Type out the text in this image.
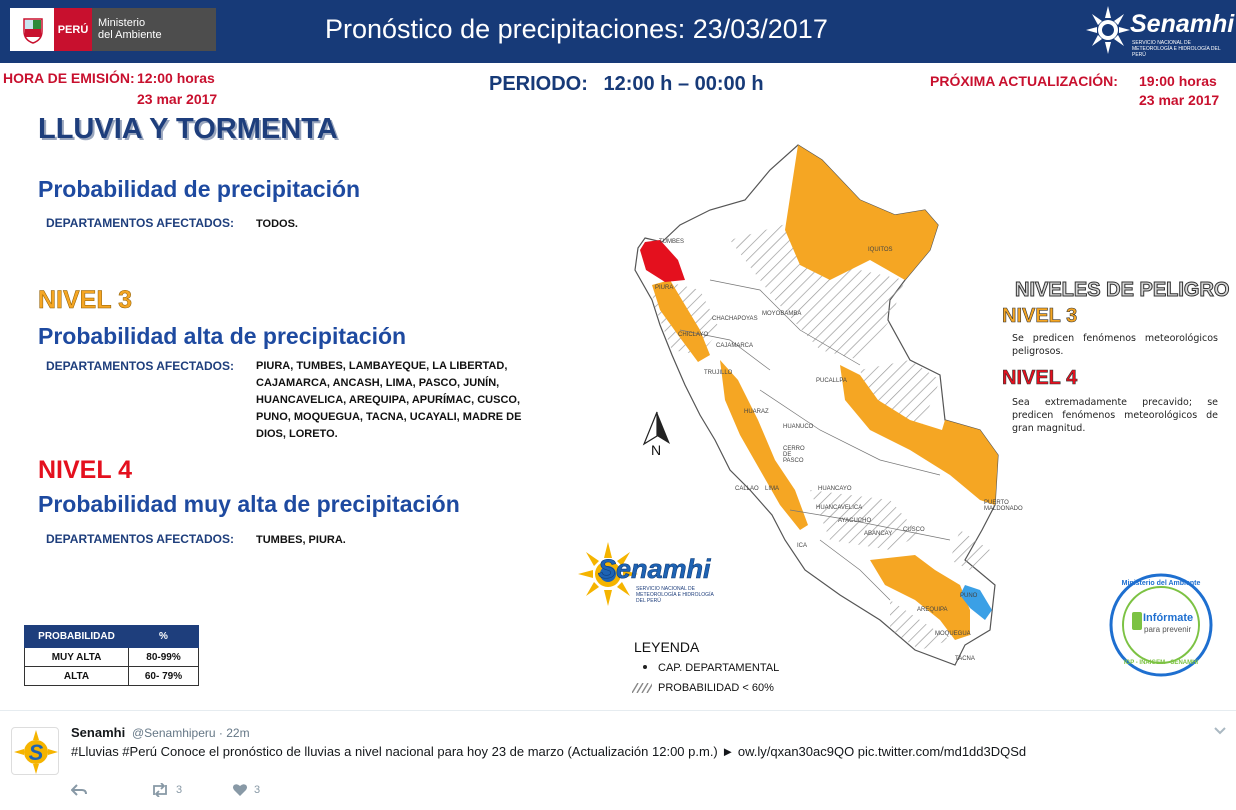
PERÚ
Ministerio
del Ambiente	Pronóstico de precipitaciones: 23/03/2017	Senamhi
SERVICIO NACIONAL DE METEOROLOGÍA E HIDROLOGÍA DEL PERÚ
HORA DE EMISIÓN: 12:00 horas
23 mar 2017
PERIODO: 12:00 h – 00:00 h	PRÓXIMA ACTUALIZACIÓN: 19:00 horas
23 mar 2017
LLUVIA Y TORMENTA
Probabilidad de precipitación
DEPARTAMENTOS AFECTADOS: TODOS.
NIVEL 3
Probabilidad alta de precipitación
DEPARTAMENTOS AFECTADOS: PIURA, TUMBES, LAMBAYEQUE, LA LIBERTAD,
CAJAMARCA, ANCASH, LIMA, PASCO, JUNÍN,
HUANCAVELICA, AREQUIPA, APURÍMAC, CUSCO,
PUNO, MOQUEGUA, TACNA, UCAYALI, MADRE DE
DIOS, LORETO.
NIVEL 4
Probabilidad muy alta de precipitación
DEPARTAMENTOS AFECTADOS: TUMBES, PIURA.
PROBABILIDAD	%
MUY ALTA	80-99%
ALTA	60- 79%
TUMBES
PIURA
CHICLAYO
CHACHAPOYAS
MOYOBAMBA
CAJAMARCA
IQUITOS
TRUJILLO
HUARAZ
PUCALLPA
HUANUCO
CERRO DE PASCO
CALLAO LIMA	HUANCAYO
HUANCAVELICA
AYACUCHO
ABANCAY
CUSCO
PUERTO MALDONADO
ICA
AREQUIPA
PUNO
MOQUEGUA
TACNA
N
Senamhi
SERVICIO NACIONAL DE METEOROLOGÍA E HIDROLOGÍA DEL PERÚ
NIVELES DE PELIGRO
NIVEL 3
Se predicen fenómenos meteorológicos peligrosos.
NIVEL 4
Sea extremadamente precavido; se predicen fenómenos meteorológicos de gran magnitud.
LEYENDA
CAP. DEPARTAMENTAL
PROBABILIDAD < 60%
Ministerio del Ambiente
Infórmate
para prevenir
IGP - INAIGEM - SENAMHI
S
Senamhi @Senamhiperu · 22m
#Lluvias #Perú Conoce el pronóstico de lluvias a nivel nacional para hoy 23 de marzo (Actualización 12:00 p.m.) ► ow.ly/qxan30ac9QO pic.twitter.com/md1dd3DQSd
3	3
